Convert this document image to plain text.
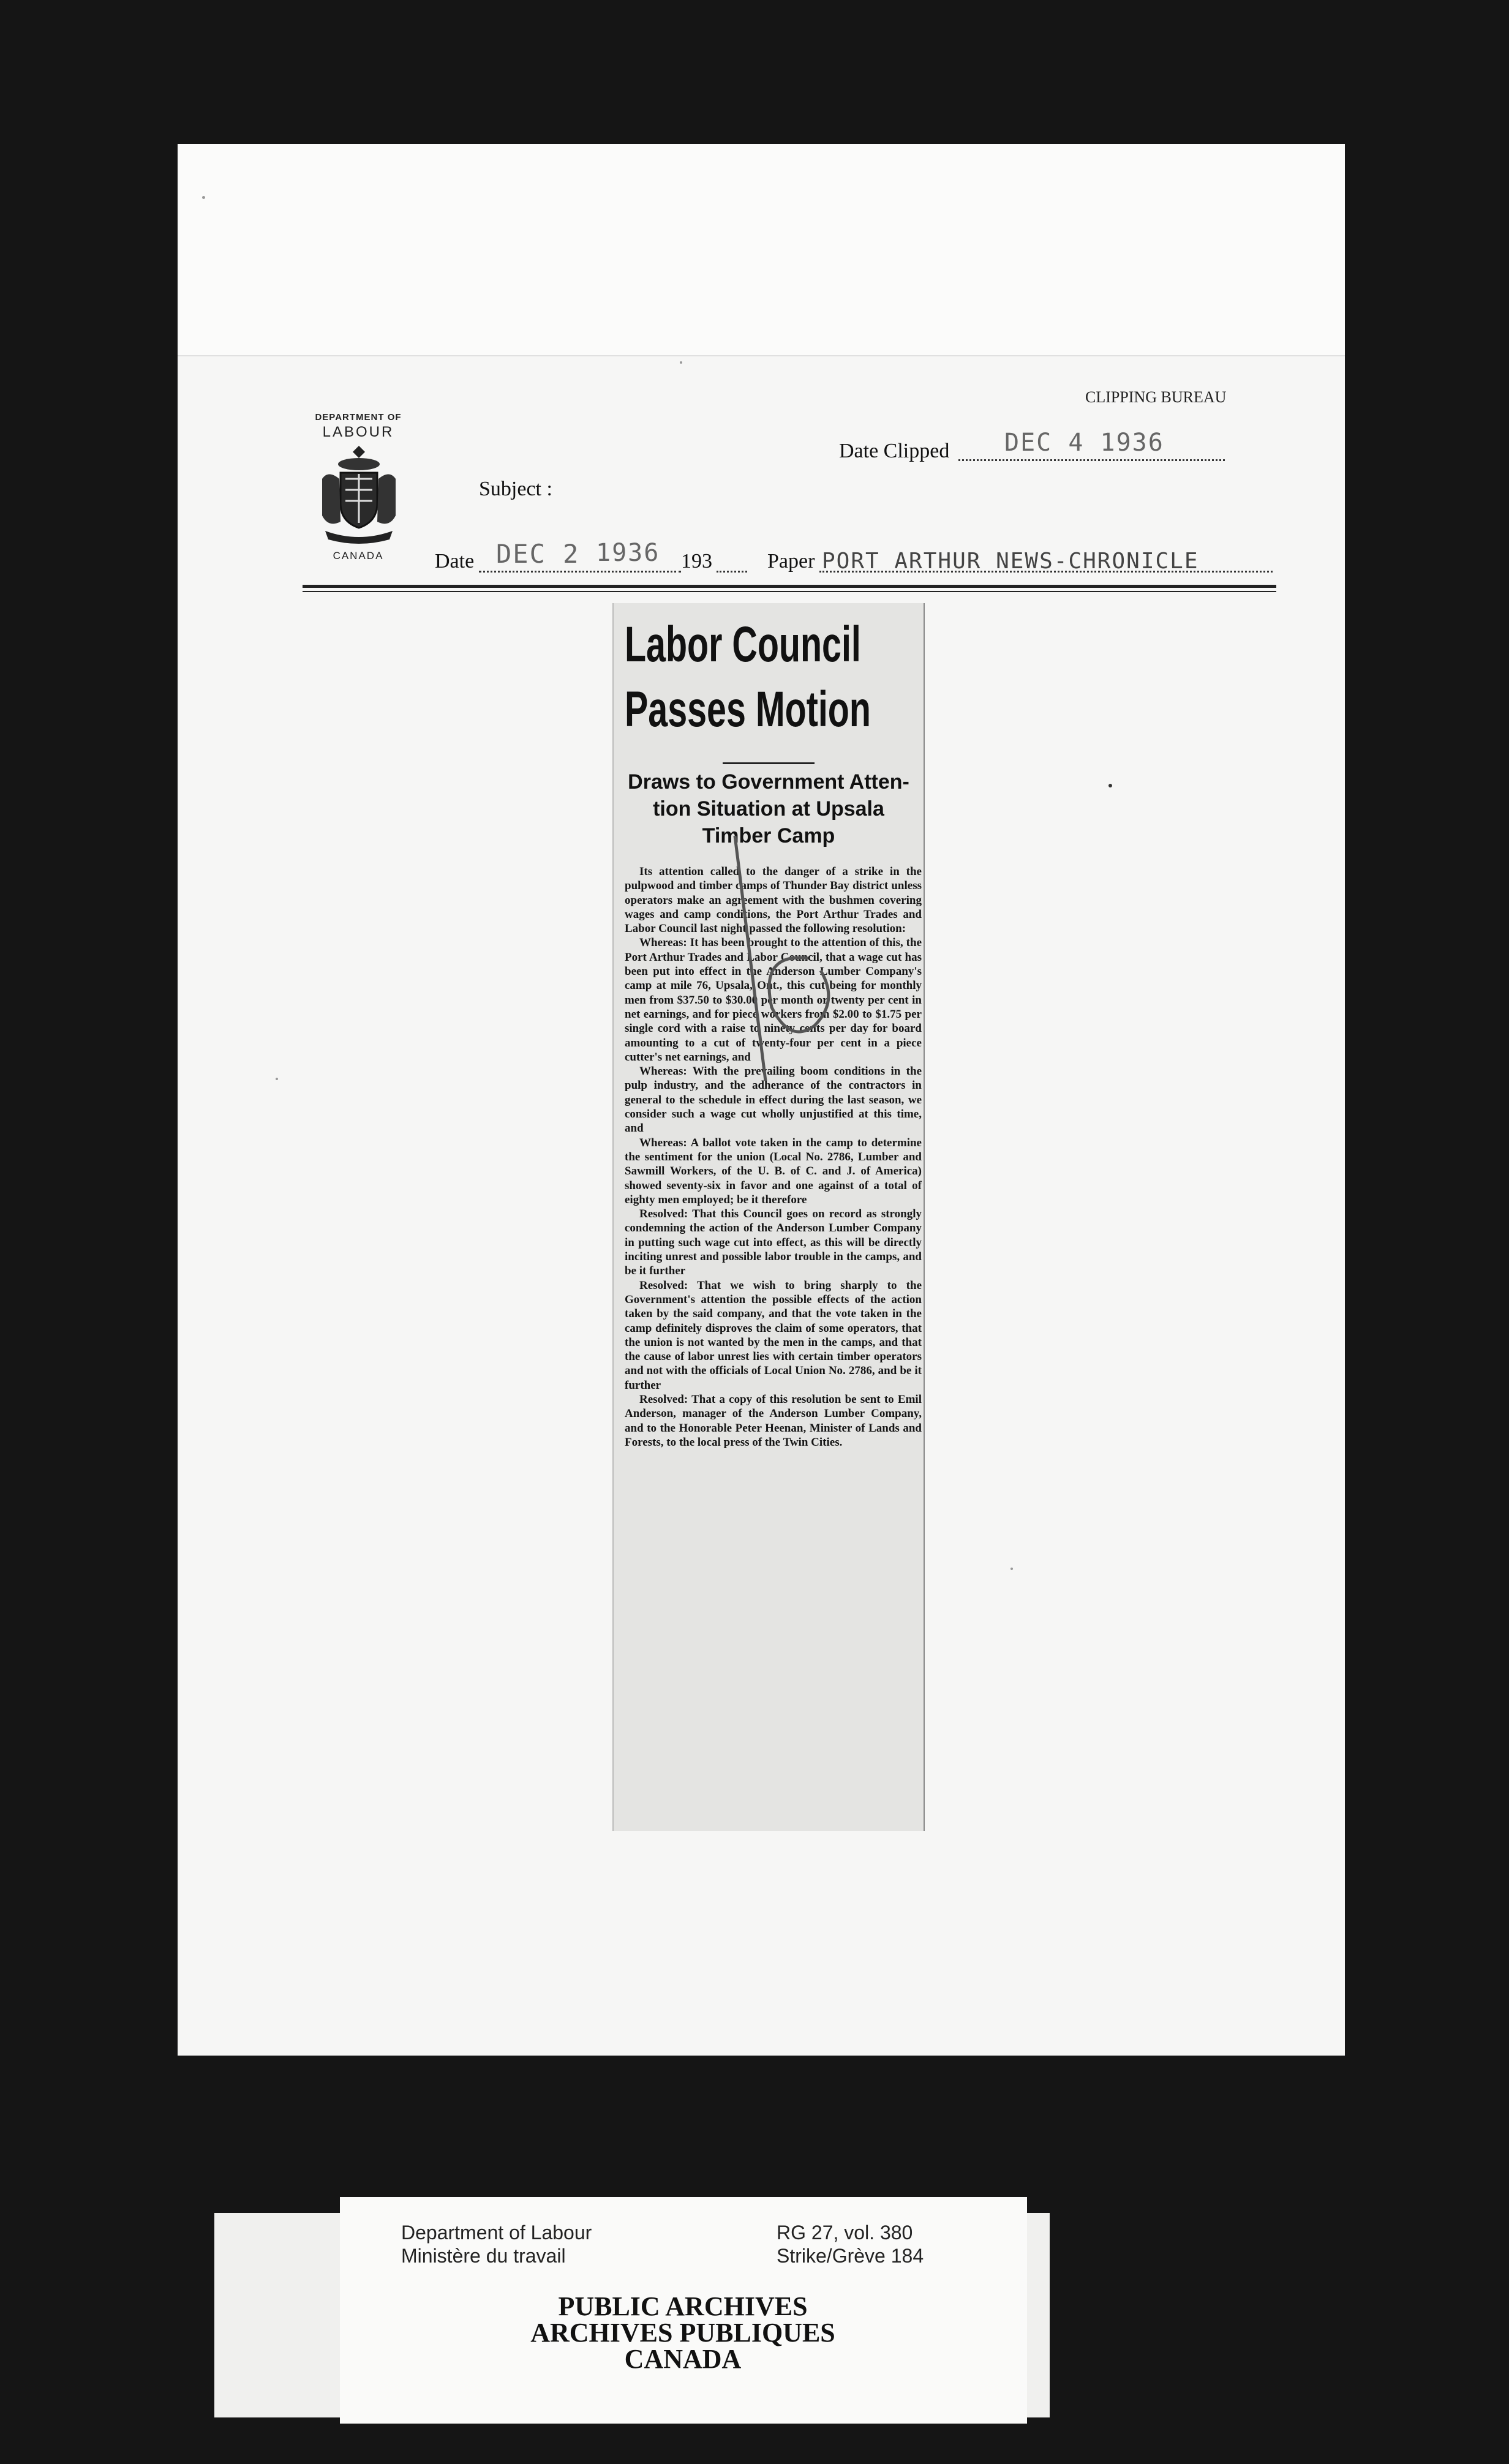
DEPARTMENT OF
LABOUR
CANADA
CLIPPING BUREAU
Date Clipped DEC 4 1936
Subject :
Date DEC 2 1936 193	Paper PORT ARTHUR NEWS-CHRONICLE
Labor Council
Passes Motion
Draws to Government Atten-
tion Situation at Upsala
Timber Camp

Its attention called to the danger of a strike in the pulpwood and timber camps of Thunder Bay district unless operators make an agreement with the bushmen covering wages and camp conditions, the Port Arthur Trades and Labor Council last night passed the following resolution:

Whereas: It has been brought to the attention of this, the Port Arthur Trades and Labor Council, that a wage cut has been put into effect in the Anderson Lumber Company's camp at mile 76, Upsala, Ont., this cut being for monthly men from $37.50 to $30.00 per month or twenty per cent in net earnings, and for piece workers from $2.00 to $1.75 per single cord with a raise to ninety cents per day for board amounting to a cut of twenty-four per cent in a piece cutter's net earnings, and

Whereas: With the prevailing boom conditions in the pulp industry, and the adherance of the contractors in general to the schedule in effect during the last season, we consider such a wage cut wholly unjustified at this time, and

Whereas: A ballot vote taken in the camp to determine the sentiment for the union (Local No. 2786, Lumber and Sawmill Workers, of the U. B. of C. and J. of America) showed seventy-six in favor and one against of a total of eighty men employed; be it therefore

Resolved: That this Council goes on record as strongly condemning the action of the Anderson Lumber Company in putting such wage cut into effect, as this will be directly inciting unrest and possible labor trouble in the camps, and be it further

Resolved: That we wish to bring sharply to the Government's attention the possible effects of the action taken by the said company, and that the vote taken in the camp definitely disproves the claim of some operators, that the union is not wanted by the men in the camps, and that the cause of labor unrest lies with certain timber operators and not with the officials of Local Union No. 2786, and be it further

Resolved: That a copy of this resolution be sent to Emil Anderson, manager of the Anderson Lumber Company, and to the Honorable Peter Heenan, Minister of Lands and Forests, to the local press of the Twin Cities.

Department of Labour
Ministère du travail
RG 27, vol. 380
Strike/Grève 184
PUBLIC ARCHIVES
ARCHIVES PUBLIQUES
CANADA
